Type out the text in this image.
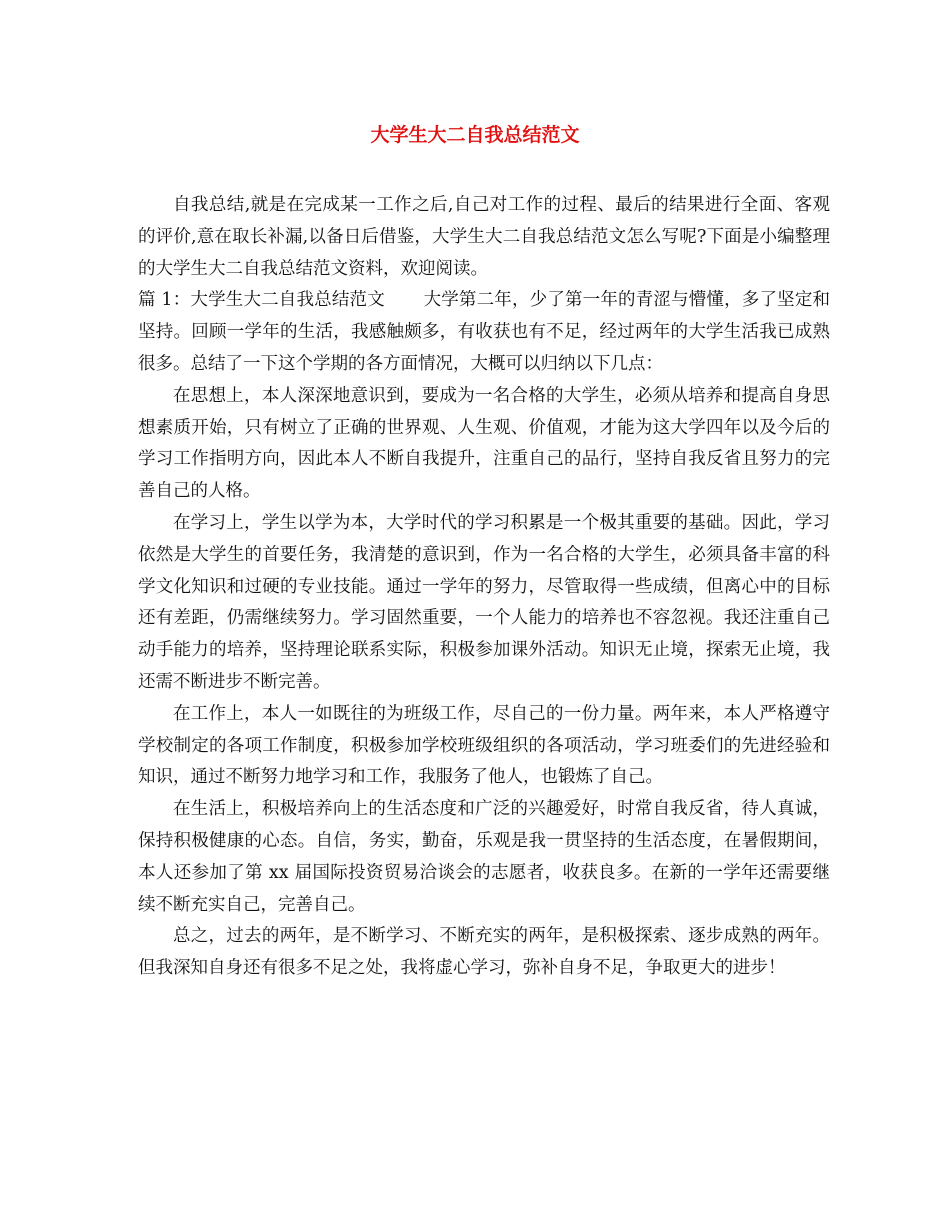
大学生大二自我总结范文

自我总结,就是在完成某一工作之后,自己对工作的过程、最后的结果进行全面、客观的评价,意在取长补漏,以备日后借鉴，大学生大二自我总结范文怎么写呢?下面是小编整理的大学生大二自我总结范文资料，欢迎阅读。

篇 1：大学生大二自我总结范文 大学第二年，少了第一年的青涩与懵懂，多了坚定和坚持。回顾一学年的生活，我感触颇多，有收获也有不足，经过两年的大学生活我已成熟很多。总结了一下这个学期的各方面情况，大概可以归纳以下几点：

在思想上，本人深深地意识到，要成为一名合格的大学生，必须从培养和提高自身思想素质开始，只有树立了正确的世界观、人生观、价值观，才能为这大学四年以及今后的学习工作指明方向，因此本人不断自我提升，注重自己的品行，坚持自我反省且努力的完善自己的人格。

在学习上，学生以学为本，大学时代的学习积累是一个极其重要的基础。因此，学习依然是大学生的首要任务，我清楚的意识到，作为一名合格的大学生，必须具备丰富的科学文化知识和过硬的专业技能。通过一学年的努力，尽管取得一些成绩，但离心中的目标还有差距，仍需继续努力。学习固然重要，一个人能力的培养也不容忽视。我还注重自己动手能力的培养，坚持理论联系实际，积极参加课外活动。知识无止境，探索无止境，我还需不断进步不断完善。

在工作上，本人一如既往的为班级工作，尽自己的一份力量。两年来，本人严格遵守学校制定的各项工作制度，积极参加学校班级组织的各项活动，学习班委们的先进经验和知识，通过不断努力地学习和工作，我服务了他人，也锻炼了自己。

在生活上，积极培养向上的生活态度和广泛的兴趣爱好，时常自我反省，待人真诚，保持积极健康的心态。自信，务实，勤奋，乐观是我一贯坚持的生活态度，在暑假期间，本人还参加了第 xx 届国际投资贸易洽谈会的志愿者，收获良多。在新的一学年还需要继续不断充实自己，完善自己。

总之，过去的两年，是不断学习、不断充实的两年，是积极探索、逐步成熟的两年。但我深知自身还有很多不足之处，我将虚心学习，弥补自身不足，争取更大的进步！
